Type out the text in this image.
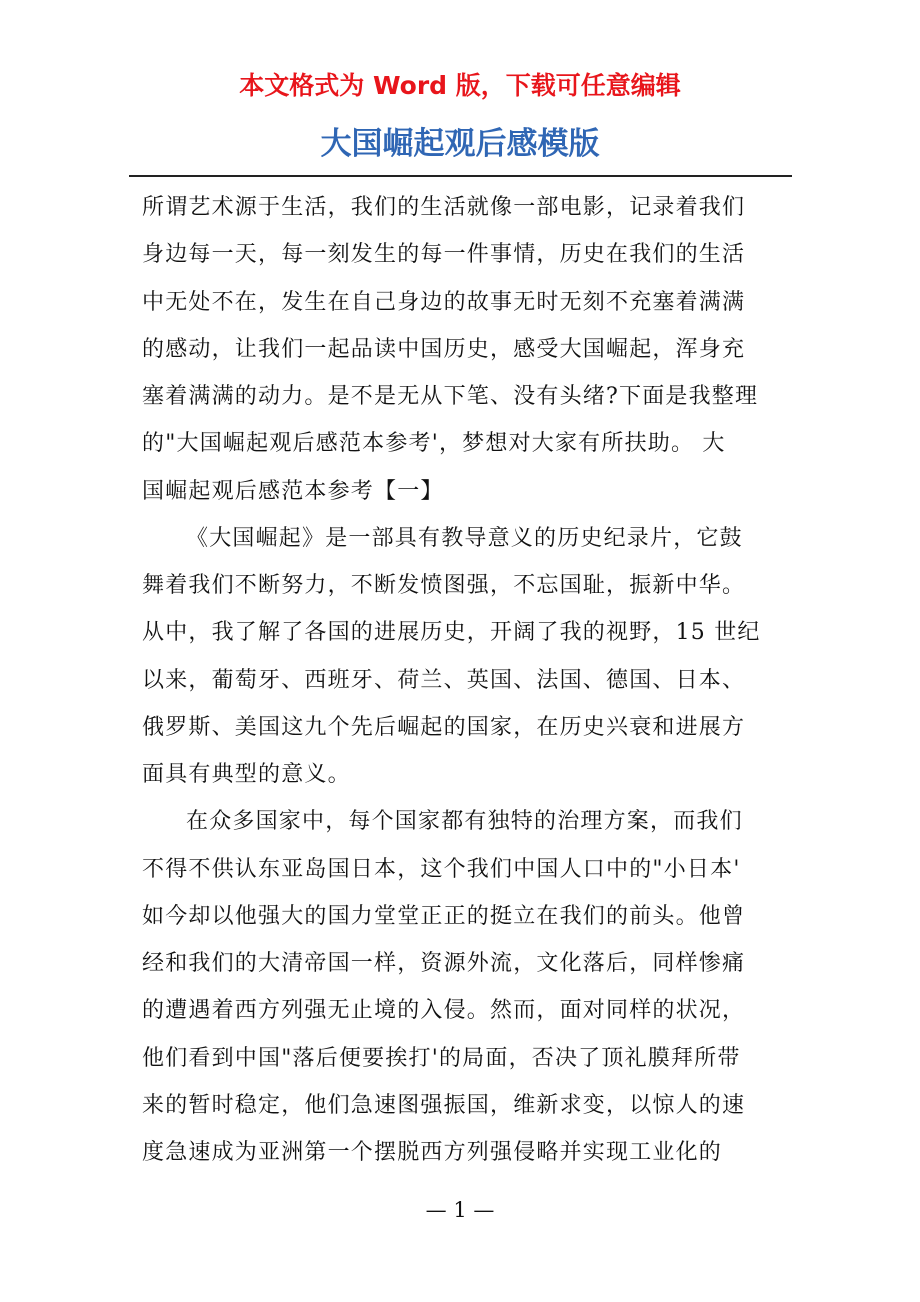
本文格式为 Word 版，下载可任意编辑
大国崛起观后感模版
所谓艺术源于生活，我们的生活就像一部电影，记录着我们
身边每一天，每一刻发生的每一件事情，历史在我们的生活
中无处不在，发生在自己身边的故事无时无刻不充塞着满满
的感动，让我们一起品读中国历史，感受大国崛起，浑身充
塞着满满的动力。是不是无从下笔、没有头绪?下面是我整理
的"大国崛起观后感范本参考'，梦想对大家有所扶助。 大
国崛起观后感范本参考【一】
《大国崛起》是一部具有教导意义的历史纪录片，它鼓
舞着我们不断努力，不断发愤图强，不忘国耻，振新中华。
从中，我了解了各国的进展历史，开阔了我的视野，15 世纪
以来，葡萄牙、西班牙、荷兰、英国、法国、德国、日本、
俄罗斯、美国这九个先后崛起的国家，在历史兴衰和进展方
面具有典型的意义。
在众多国家中，每个国家都有独特的治理方案，而我们
不得不供认东亚岛国日本，这个我们中国人口中的"小日本'
如今却以他强大的国力堂堂正正的挺立在我们的前头。他曾
经和我们的大清帝国一样，资源外流，文化落后，同样惨痛
的遭遇着西方列强无止境的入侵。然而，面对同样的状况，
他们看到中国"落后便要挨打'的局面，否决了顶礼膜拜所带
来的暂时稳定，他们急速图强振国，维新求变，以惊人的速
度急速成为亚洲第一个摆脱西方列强侵略并实现工业化的
— 1 —
